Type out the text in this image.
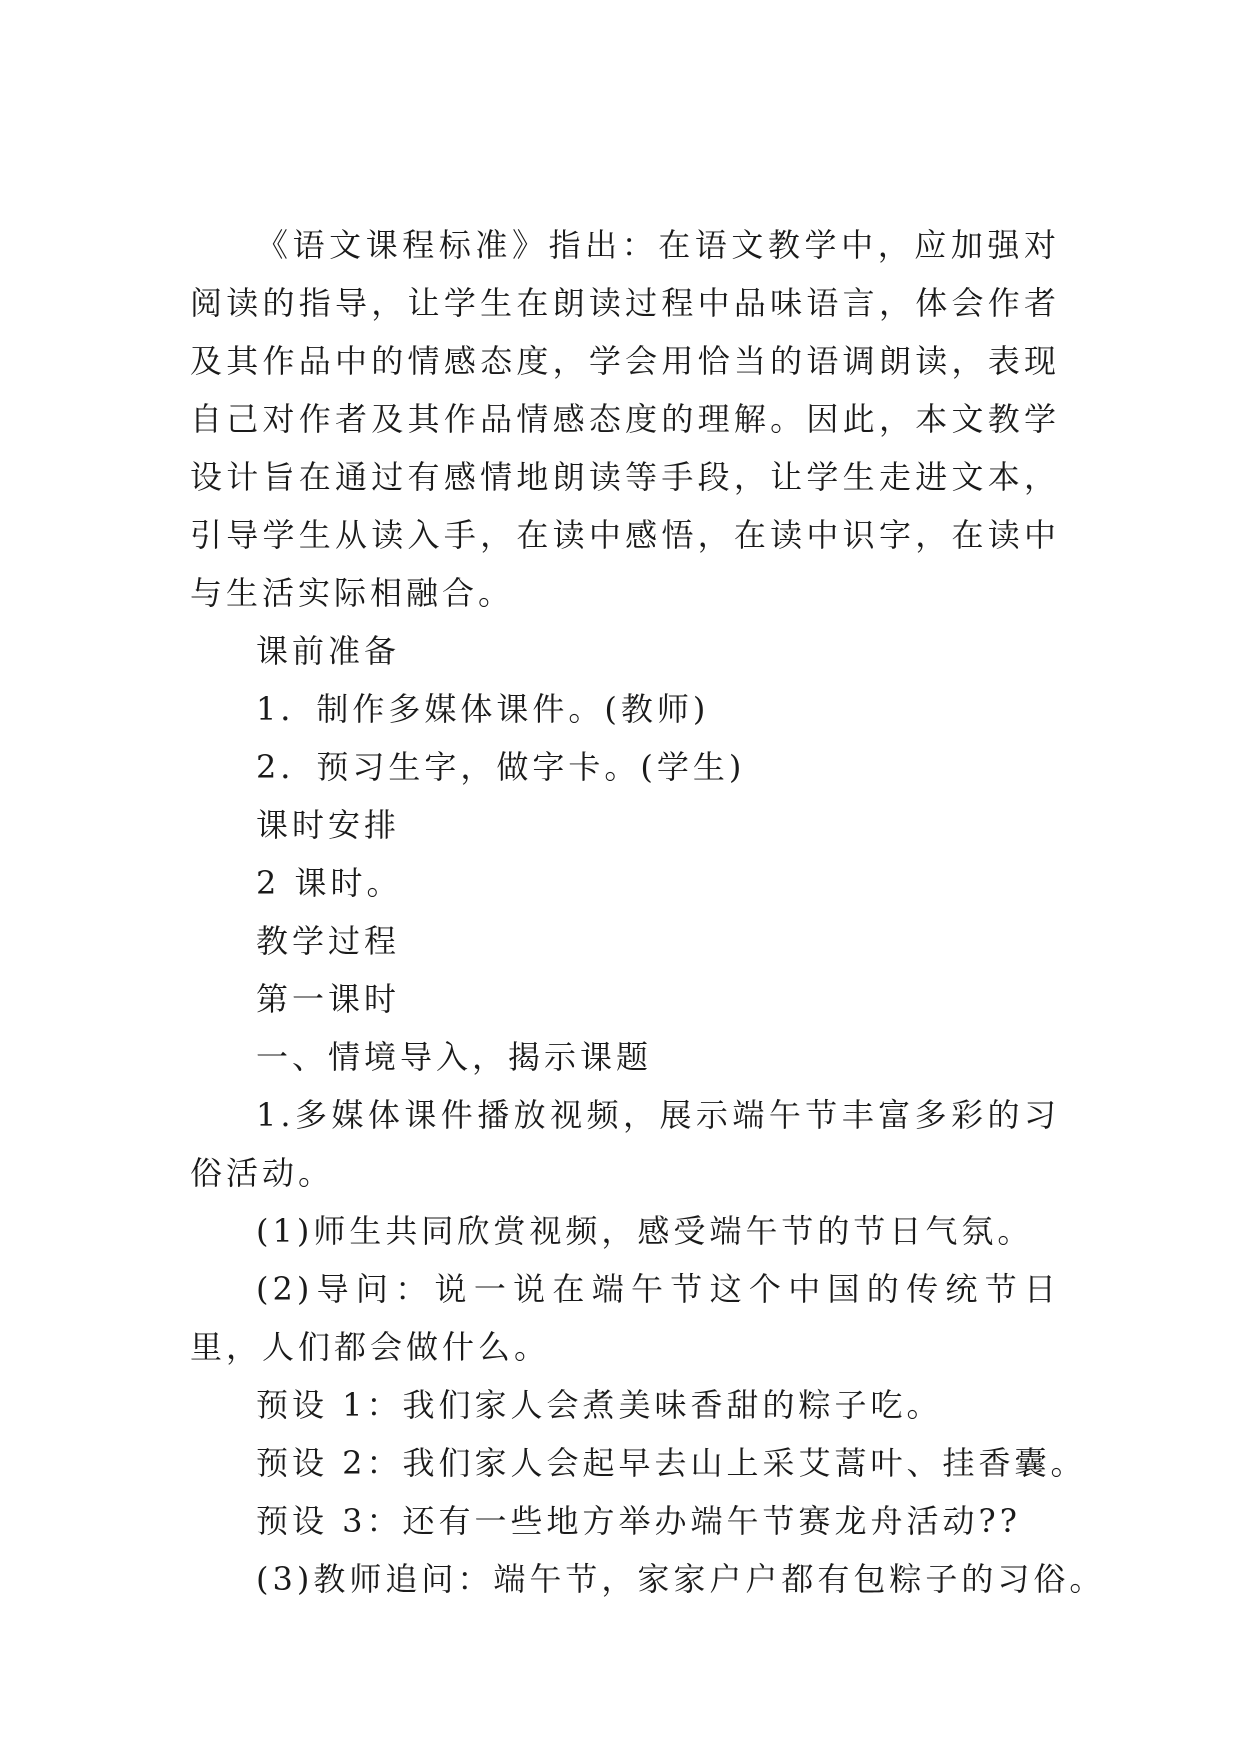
《语文课程标准》指出：在语文教学中，应加强对阅读的指导，让学生在朗读过程中品味语言，体会作者及其作品中的情感态度，学会用恰当的语调朗读，表现自己对作者及其作品情感态度的理解。因此，本文教学设计旨在通过有感情地朗读等手段，让学生走进文本，引导学生从读入手，在读中感悟，在读中识字，在读中与生活实际相融合。

课前准备

1．制作多媒体课件。(教师)

2．预习生字，做字卡。(学生)

课时安排

2 课时。

教学过程

第一课时

一、情境导入，揭示课题

1.多媒体课件播放视频，展示端午节丰富多彩的习俗活动。

(1)师生共同欣赏视频，感受端午节的节日气氛。

(2)导问：说一说在端午节这个中国的传统节日里，人们都会做什么。

预设 1：我们家人会煮美味香甜的粽子吃。

预设 2：我们家人会起早去山上采艾蒿叶、挂香囊。

预设 3：还有一些地方举办端午节赛龙舟活动??

(3)教师追问：端午节，家家户户都有包粽子的习俗。
